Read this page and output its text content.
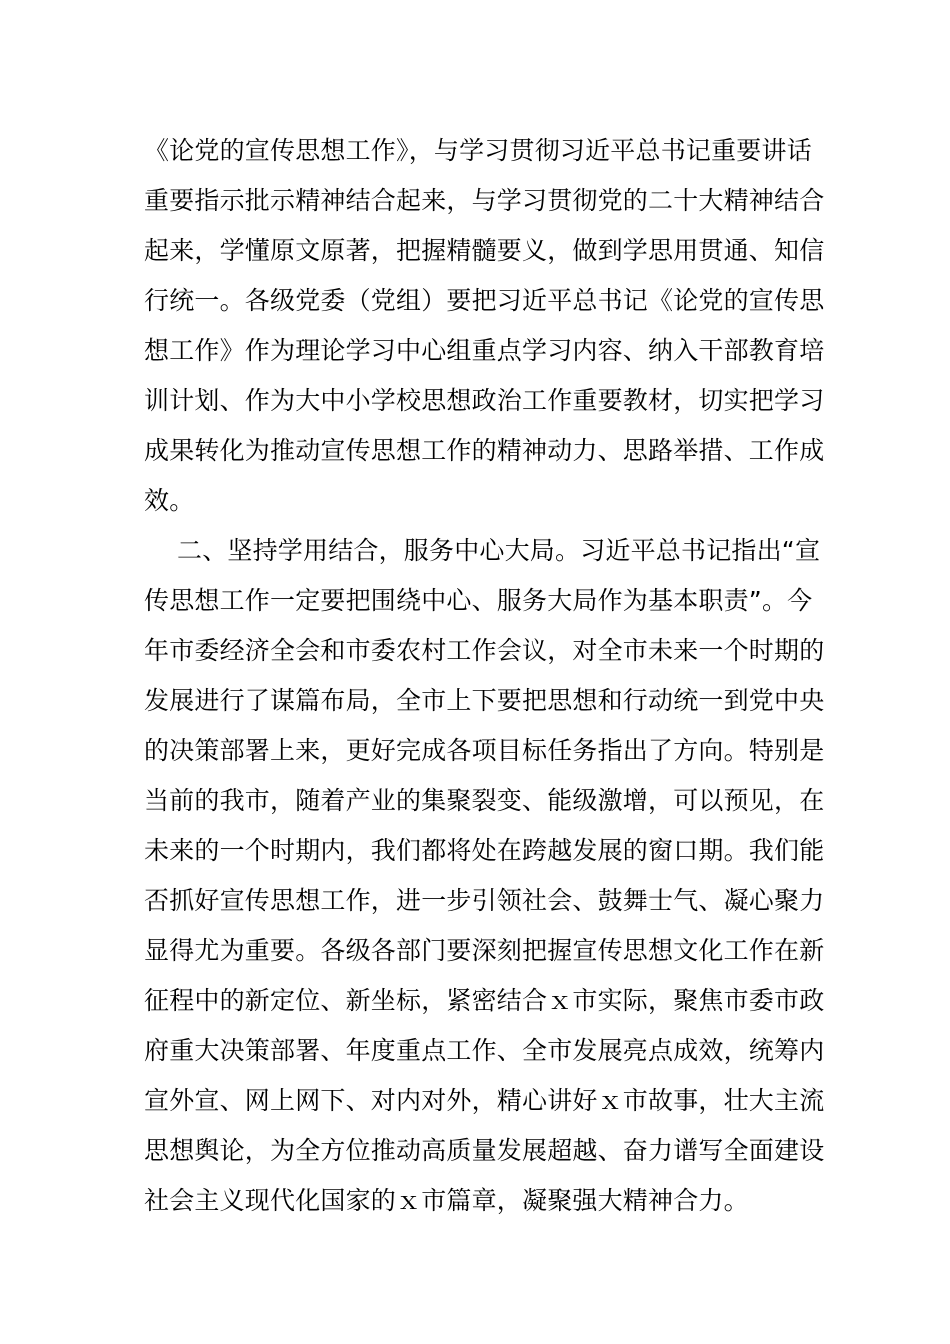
《论党的宣传思想工作》，与学习贯彻习近平总书记重要讲话
重要指示批示精神结合起来，与学习贯彻党的二十大精神结合
起来，学懂原文原著，把握精髓要义，做到学思用贯通、知信
行统一。各级党委（党组）要把习近平总书记《论党的宣传思
想工作》作为理论学习中心组重点学习内容、纳入干部教育培
训计划、作为大中小学校思想政治工作重要教材，切实把学习
成果转化为推动宣传思想工作的精神动力、思路举措、工作成
效。
二、坚持学用结合，服务中心大局。习近平总书记指出“宣
传思想工作一定要把围绕中心、服务大局作为基本职责”。今
年市委经济全会和市委农村工作会议，对全市未来一个时期的
发展进行了谋篇布局，全市上下要把思想和行动统一到党中央
的决策部署上来，更好完成各项目标任务指出了方向。特别是
当前的我市，随着产业的集聚裂变、能级激增，可以预见，在
未来的一个时期内，我们都将处在跨越发展的窗口期。我们能
否抓好宣传思想工作，进一步引领社会、鼓舞士气、凝心聚力
显得尤为重要。各级各部门要深刻把握宣传思想文化工作在新
征程中的新定位、新坐标，紧密结合ｘ市实际，聚焦市委市政
府重大决策部署、年度重点工作、全市发展亮点成效，统筹内
宣外宣、网上网下、对内对外，精心讲好ｘ市故事，壮大主流
思想舆论，为全方位推动高质量发展超越、奋力谱写全面建设
社会主义现代化国家的ｘ市篇章，凝聚强大精神合力。
